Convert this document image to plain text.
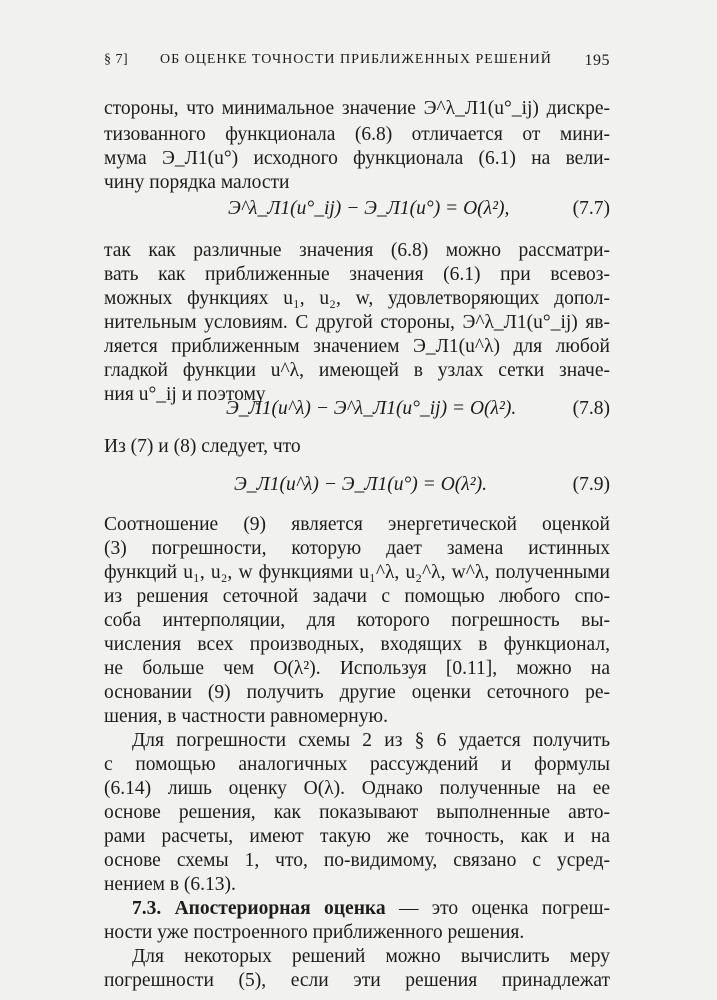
§ 7] ОБ ОЦЕНКЕ ТОЧНОСТИ ПРИБЛИЖЕННЫХ РЕШЕНИЙ 195
стороны, что минимальное значение Э^λ_Л1(u°_ij) дискре-
тизованного функционала (6.8) отличается от мини-
мума Э_Л1(u°) исходного функционала (6.1) на вели-
чину порядка малости
Э^λ_Л1(u°_ij) − Э_Л1(u°) = O(λ²),	(7.7)
так как различные значения (6.8) можно рассматри-
вать как приближенные значения (6.1) при всевоз-
можных функциях u₁, u₂, w, удовлетворяющих допол-
нительным условиям. С другой стороны, Э^λ_Л1(u°_ij) яв-
ляется приближенным значением Э_Л1(u^λ) для любой
гладкой функции u^λ, имеющей в узлах сетки значе-
ния u°_ij и поэтому
Э_Л1(u^λ) − Э^λ_Л1(u°_ij) = O(λ²).	(7.8)
Из (7) и (8) следует, что
Э_Л1(u^λ) − Э_Л1(u°) = O(λ²).	(7.9)
Соотношение (9) является энергетической оценкой
(3) погрешности, которую дает замена истинных
функций u₁, u₂, w функциями u₁^λ, u₂^λ, w^λ, полученными
из решения сеточной задачи с помощью любого спо-
соба интерполяции, для которого погрешность вы-
числения всех производных, входящих в функционал,
не больше чем O(λ²). Используя [0.11], можно на
основании (9) получить другие оценки сеточного ре-
шения, в частности равномерную.
Для погрешности схемы 2 из § 6 удается получить
с помощью аналогичных рассуждений и формулы
(6.14) лишь оценку O(λ). Однако полученные на ее
основе решения, как показывают выполненные авто-
рами расчеты, имеют такую же точность, как и на
основе схемы 1, что, по-видимому, связано с усред-
нением в (6.13).
7.3. Апостериорная оценка — это оценка погреш-
ности уже построенного приближенного решения.
Для некоторых решений можно вычислить меру
погрешности (5), если эти решения принадлежат
